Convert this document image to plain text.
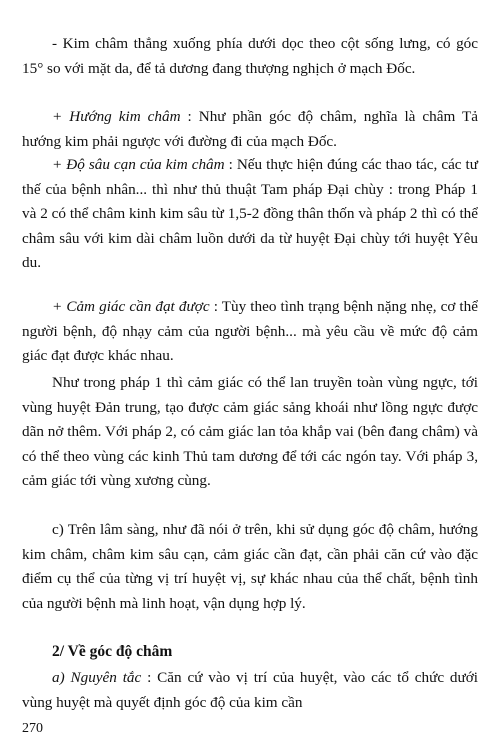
- Kim châm thẳng xuống phía dưới dọc theo cột sống lưng, có góc 15° so với mặt da, để tả dương đang thượng nghịch ở mạch Đốc.

+ Hướng kim châm : Như phần góc độ châm, nghĩa là châm Tả hướng kim phải ngược với đường đi của mạch Đốc.

+ Độ sâu cạn của kim châm : Nếu thực hiện đúng các thao tác, các tư thế của bệnh nhân... thì như thủ thuật Tam pháp Đại chùy : trong Pháp 1 và 2 có thể châm kinh kim sâu từ 1,5-2 đồng thân thốn và pháp 2 thì có thể châm sâu với kim dài châm luồn dưới da từ huyệt Đại chùy tới huyệt Yêu du.

+ Cảm giác cần đạt được : Tùy theo tình trạng bệnh nặng nhẹ, cơ thể người bệnh, độ nhạy cảm của người bệnh... mà yêu cầu về mức độ cảm giác đạt được khác nhau.

Như trong pháp 1 thì cảm giác có thể lan truyền toàn vùng ngực, tới vùng huyệt Đản trung, tạo được cảm giác sảng khoái như lồng ngực được dãn nở thêm. Với pháp 2, có cảm giác lan tỏa khắp vai (bên đang châm) và có thể theo vùng các kinh Thủ tam dương để tới các ngón tay. Với pháp 3, cảm giác tới vùng xương cùng.

c) Trên lâm sàng, như đã nói ở trên, khi sử dụng góc độ châm, hướng kim châm, châm kim sâu cạn, cảm giác cần đạt, cần phải căn cứ vào đặc điểm cụ thể của từng vị trí huyệt vị, sự khác nhau của thể chất, bệnh tình của người bệnh mà linh hoạt, vận dụng hợp lý.

2/ Về góc độ châm

a) Nguyên tắc : Căn cứ vào vị trí của huyệt, vào các tổ chức dưới vùng huyệt mà quyết định góc độ của kim cần

270
